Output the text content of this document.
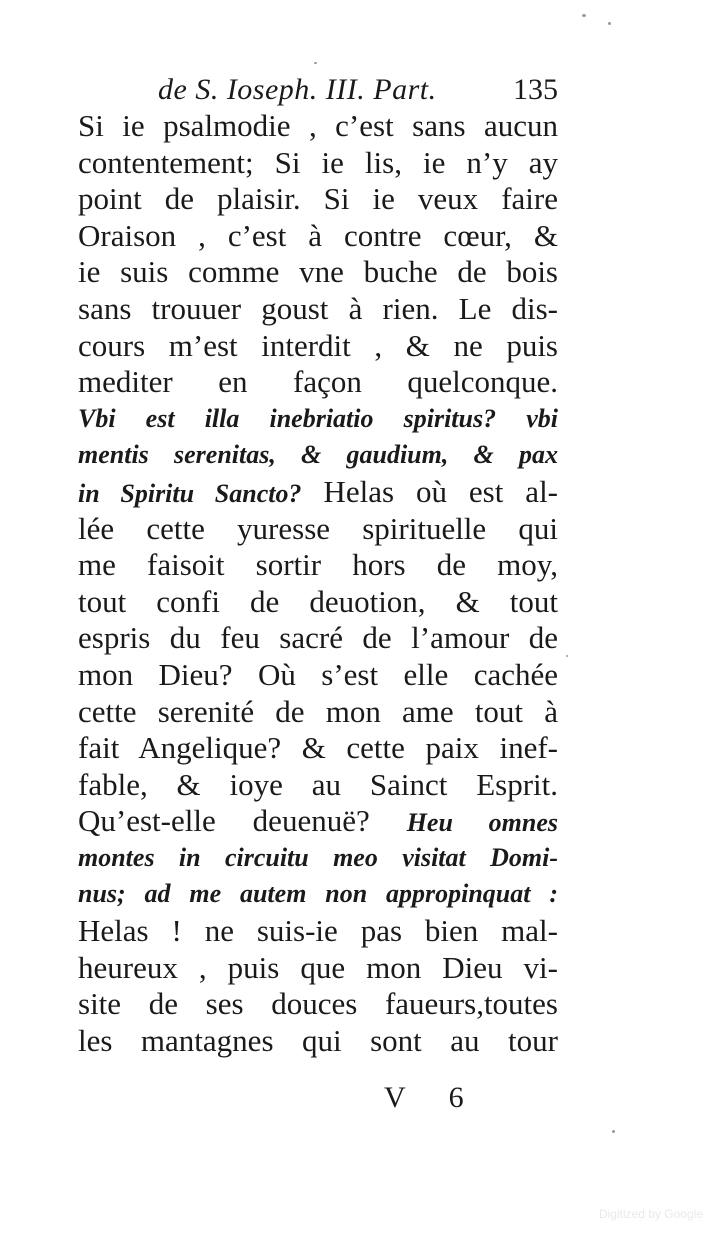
de S. Ioseph. III. Part.	135
Si ie psalmodie , c’est sans aucun
contentement; Si ie lis, ie n’y ay
point de plaisir. Si ie veux faire
Oraison , c’est à contre cœur, &
ie suis comme vne buche de bois
sans trouuer goust à rien. Le dis-
cours m’est interdit , & ne puis
mediter en façon quelconque.
Vbi est illa inebriatio spiritus? vbi
mentis serenitas, & gaudium, & pax
in Spiritu Sancto? Helas où est al-
lée cette yuresse spirituelle qui
me faisoit sortir hors de moy,
tout confi de deuotion, & tout
espris du feu sacré de l’amour de
mon Dieu? Où s’est elle cachée
cette serenité de mon ame tout à
fait Angelique? & cette paix inef-
fable, & ioye au Sainct Esprit.
Qu’est-elle deuenuë? Heu omnes
montes in circuitu meo visitat Domi-
nus; ad me autem non appropinquat :
Helas ! ne suis-ie pas bien mal-
heureux , puis que mon Dieu vi-
site de ses douces faueurs,toutes
les mantagnes qui sont au tour
V 6
Digitized by Google
